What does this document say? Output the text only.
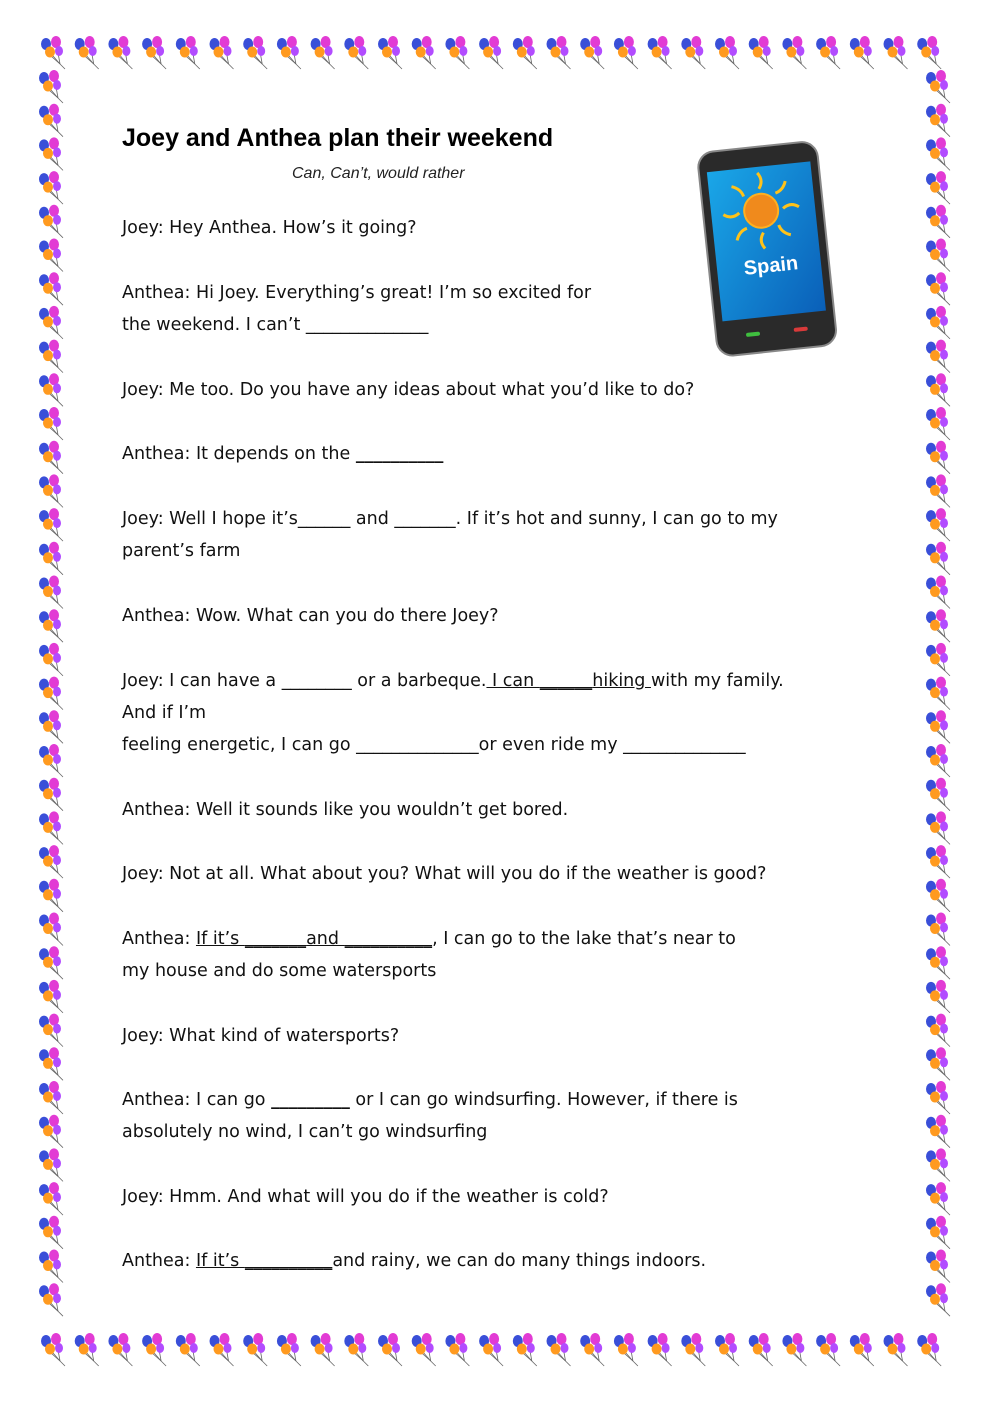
Joey and Anthea plan their weekend
Can, Can’t, would rather
Spain

Joey: Hey Anthea. How’s it going?

Anthea: Hi Joey. Everything’s great! I’m so excited for

the weekend. I can’t ______________

Joey: Me too. Do you have any ideas about what you’d like to do?

Anthea: It depends on the __________

Joey: Well I hope it’s______ and _______. If it’s hot and sunny, I can go to my

parent’s farm

Anthea: Wow. What can you do there Joey?

Joey: I can have a ________ or a barbeque. I can ______hiking with my family.

And if I’m

feeling energetic, I can go ______________or even ride my ______________

Anthea: Well it sounds like you wouldn’t get bored.

Joey: Not at all. What about you? What will you do if the weather is good?

Anthea: If it’s _______and __________, I can go to the lake that’s near to

my house and do some watersports

Joey: What kind of watersports?

Anthea: I can go _________ or I can go windsurfing. However, if there is

absolutely no wind, I can’t go windsurfing

Joey: Hmm. And what will you do if the weather is cold?

Anthea: If it’s __________and rainy, we can do many things indoors.
